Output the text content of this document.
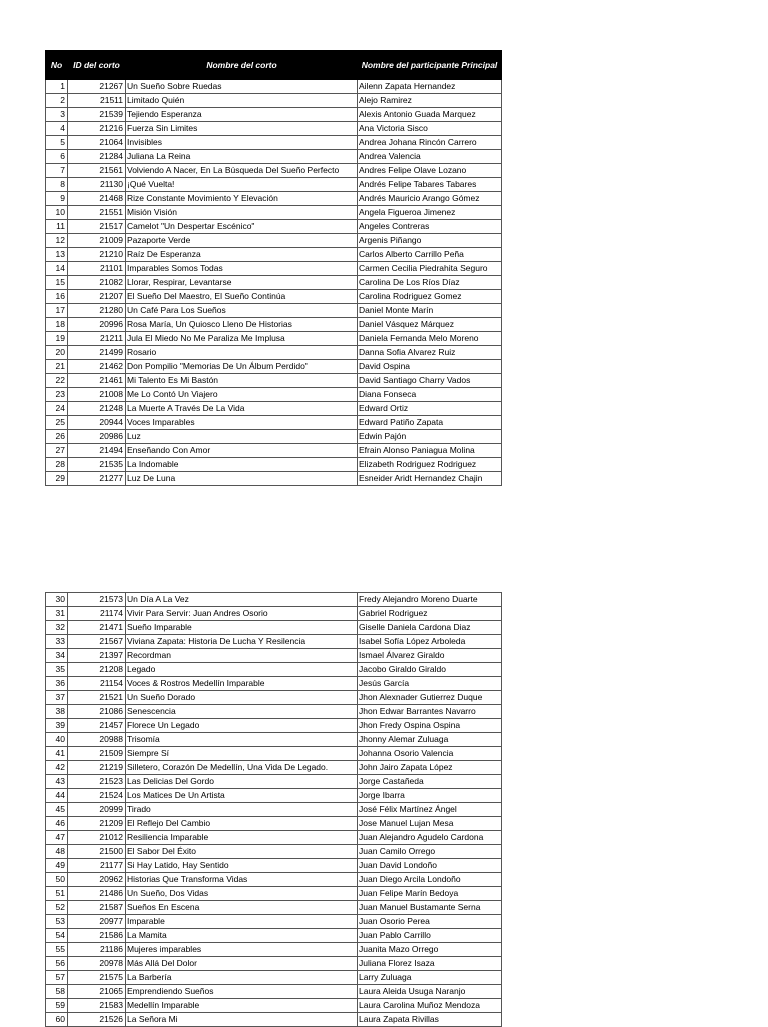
No	ID del corto	Nombre del corto	Nombre del participante Principal
1	21267	Un Sueño Sobre Ruedas	Ailenn Zapata Hernandez
2	21511	Limitado Quién	Alejo Ramirez
3	21539	Tejiendo Esperanza	Alexis Antonio Guada Marquez
4	21216	Fuerza Sin Limites	Ana Victoria Sisco
5	21064	Invisibles	Andrea Johana Rincón Carrero
6	21284	Juliana La Reina	Andrea Valencia
7	21561	Volviendo A Nacer, En La Búsqueda Del Sueño Perfecto	Andres Felipe Olave Lozano
8	21130	¡Qué Vuelta!	Andrés Felipe Tabares Tabares
9	21468	Rize Constante Movimiento Y Elevación	Andrés Mauricio Arango Gómez
10	21551	Misión Visión	Angela Figueroa Jimenez
11	21517	Camelot "Un Despertar Escénico"	Angeles Contreras
12	21009	Pazaporte Verde	Argenis Piñango
13	21210	Raíz De Esperanza	Carlos Alberto Carrillo Peña
14	21101	Imparables Somos Todas	Carmen Cecilia Piedrahita Seguro
15	21082	Llorar, Respirar, Levantarse	Carolina De Los Ríos Díaz
16	21207	El Sueño Del Maestro, El Sueño Continúa	Carolina Rodriguez Gomez
17	21280	Un Café Para Los Sueños	Daniel Monte Marín
18	20996	Rosa María, Un Quiosco Lleno De Historias	Daniel Vásquez Márquez
19	21211	Jula El Miedo No Me Paraliza Me Implusa	Daniela Fernanda Melo Moreno
20	21499	Rosario	Danna Sofia Alvarez Ruiz
21	21462	Don Pompilio "Memorias De Un Álbum Perdido"	David Ospina
22	21461	Mi Talento Es Mi Bastón	David Santiago Charry Vados
23	21008	Me Lo Contó Un Viajero	Diana Fonseca
24	21248	La Muerte A Través De La Vida	Edward Ortiz
25	20944	Voces Imparables	Edward Patiño Zapata
26	20986	Luz	Edwin Pajón
27	21494	Enseñando Con Amor	Efrain Alonso Paniagua Molina
28	21535	La Indomable	Elizabeth Rodriguez Rodriguez
29	21277	Luz De Luna	Esneider Aridt Hernandez Chajin
30	21573	Un Día A La Vez	Fredy Alejandro Moreno Duarte
31	21174	Vivir Para Servir: Juan Andres Osorio	Gabriel Rodriguez
32	21471	Sueño Imparable	Giselle Daniela Cardona Diaz
33	21567	Viviana Zapata: Historia De Lucha Y Resilencia	Isabel Sofía López Arboleda
34	21397	Recordman	Ismael Álvarez Giraldo
35	21208	Legado	Jacobo Giraldo Giraldo
36	21154	Voces & Rostros Medellín Imparable	Jesús García
37	21521	Un Sueño Dorado	Jhon Alexnader Gutierrez Duque
38	21086	Senescencia	Jhon Edwar Barrantes Navarro
39	21457	Florece Un Legado	Jhon Fredy Ospina Ospina
40	20988	Trisomía	Jhonny Alemar Zuluaga
41	21509	Siempre Sí	Johanna Osorio Valencia
42	21219	Silletero, Corazón De Medellín, Una Vida De Legado.	John Jairo Zapata López
43	21523	Las Delicias Del Gordo	Jorge Castañeda
44	21524	Los Matices De Un Artista	Jorge Ibarra
45	20999	Tirado	José Félix Martínez Ángel
46	21209	El Reflejo Del Cambio	Jose Manuel Lujan Mesa
47	21012	Resiliencia Imparable	Juan Alejandro Agudelo Cardona
48	21500	El Sabor Del Éxito	Juan Camilo Orrego
49	21177	Si Hay Latido, Hay Sentido	Juan David Londoño
50	20962	Historias Que Transforma Vidas	Juan Diego Arcila Londoño
51	21486	Un Sueño, Dos Vidas	Juan Felipe Marín Bedoya
52	21587	Sueños En Escena	Juan Manuel Bustamante Serna
53	20977	Imparable	Juan Osorio Perea
54	21586	La Mamita	Juan Pablo Carrillo
55	21186	Mujeres imparables	Juanita Mazo Orrego
56	20978	Más Allá Del Dolor	Juliana Florez Isaza
57	21575	La Barbería	Larry Zuluaga
58	21065	Emprendiendo Sueños	Laura Aleida Usuga Naranjo
59	21583	Medellín Imparable	Laura Carolina Muñoz Mendoza
60	21526	La Señora Mi	Laura Zapata Rivillas
